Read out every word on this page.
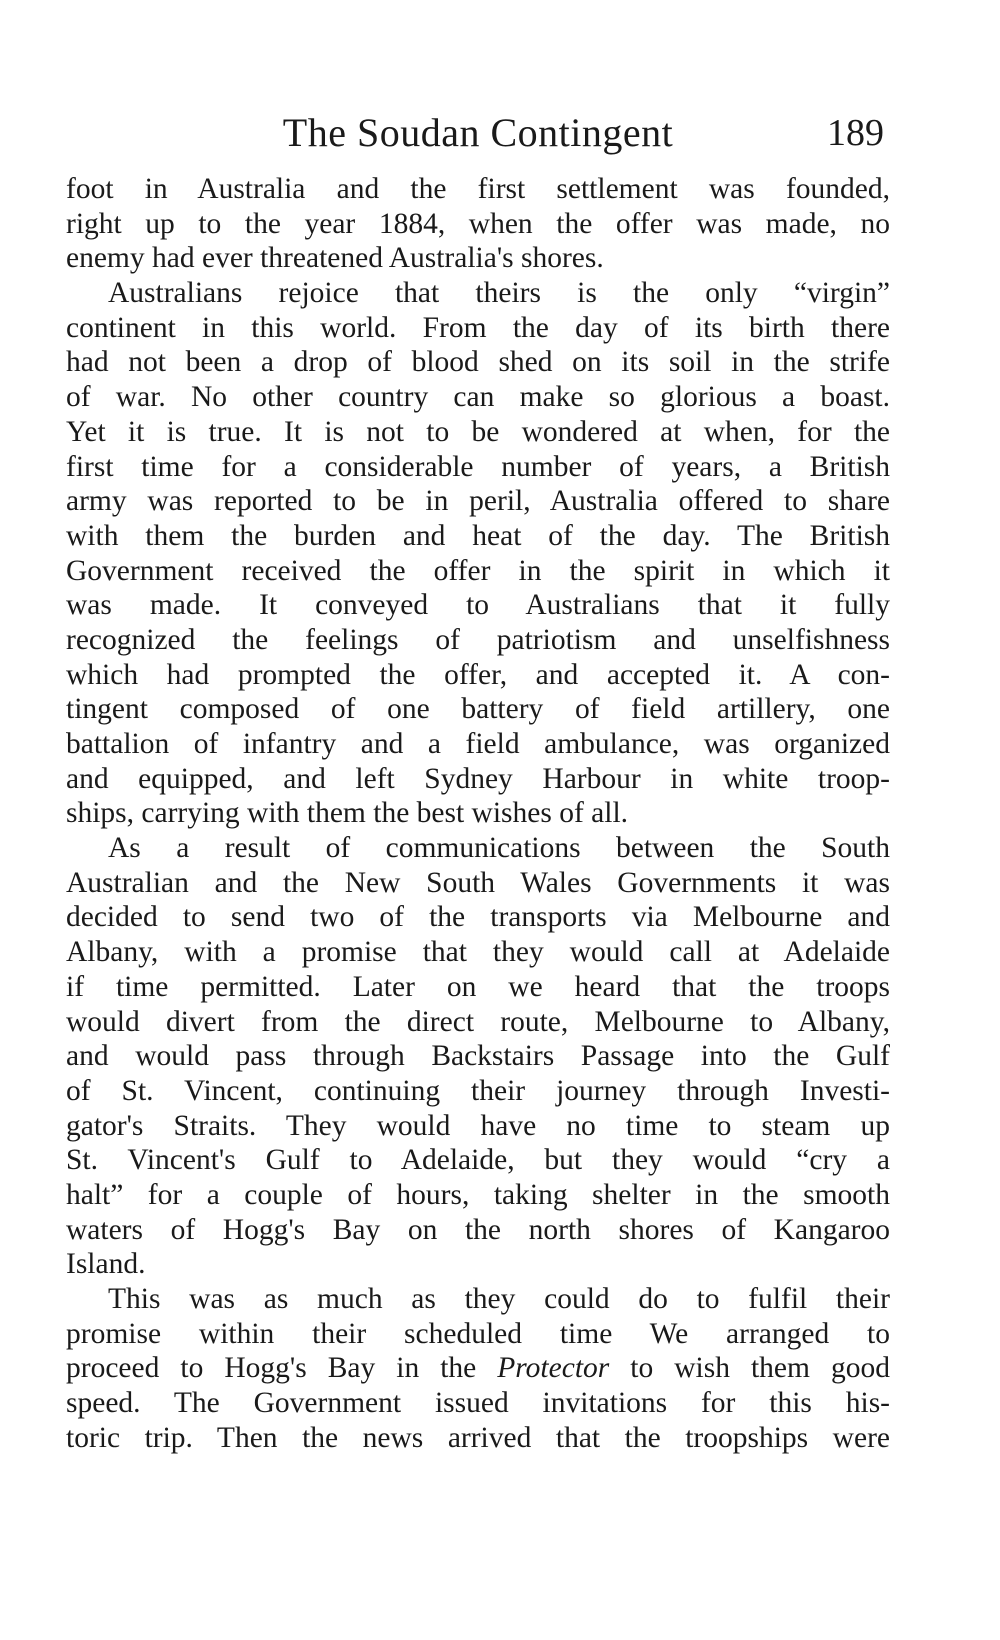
The Soudan Contingent	189
foot in Australia and the first settlement was founded,
right up to the year 1884, when the offer was made, no
enemy had ever threatened Australia's shores.
Australians rejoice that theirs is the only “virgin”
continent in this world. From the day of its birth there
had not been a drop of blood shed on its soil in the strife
of war. No other country can make so glorious a boast.
Yet it is true. It is not to be wondered at when, for the
first time for a considerable number of years, a British
army was reported to be in peril, Australia offered to share
with them the burden and heat of the day. The British
Government received the offer in the spirit in which it
was made. It conveyed to Australians that it fully
recognized the feelings of patriotism and unselfishness
which had prompted the offer, and accepted it. A con-
tingent composed of one battery of field artillery, one
battalion of infantry and a field ambulance, was organized
and equipped, and left Sydney Harbour in white troop-
ships, carrying with them the best wishes of all.
As a result of communications between the South
Australian and the New South Wales Governments it was
decided to send two of the transports via Melbourne and
Albany, with a promise that they would call at Adelaide
if time permitted. Later on we heard that the troops
would divert from the direct route, Melbourne to Albany,
and would pass through Backstairs Passage into the Gulf
of St. Vincent, continuing their journey through Investi-
gator's Straits. They would have no time to steam up
St. Vincent's Gulf to Adelaide, but they would “cry a
halt” for a couple of hours, taking shelter in the smooth
waters of Hogg's Bay on the north shores of Kangaroo
Island.
This was as much as they could do to fulfil their
promise within their scheduled time We arranged to
proceed to Hogg's Bay in the Protector to wish them good
speed. The Government issued invitations for this his-
toric trip. Then the news arrived that the troopships were
